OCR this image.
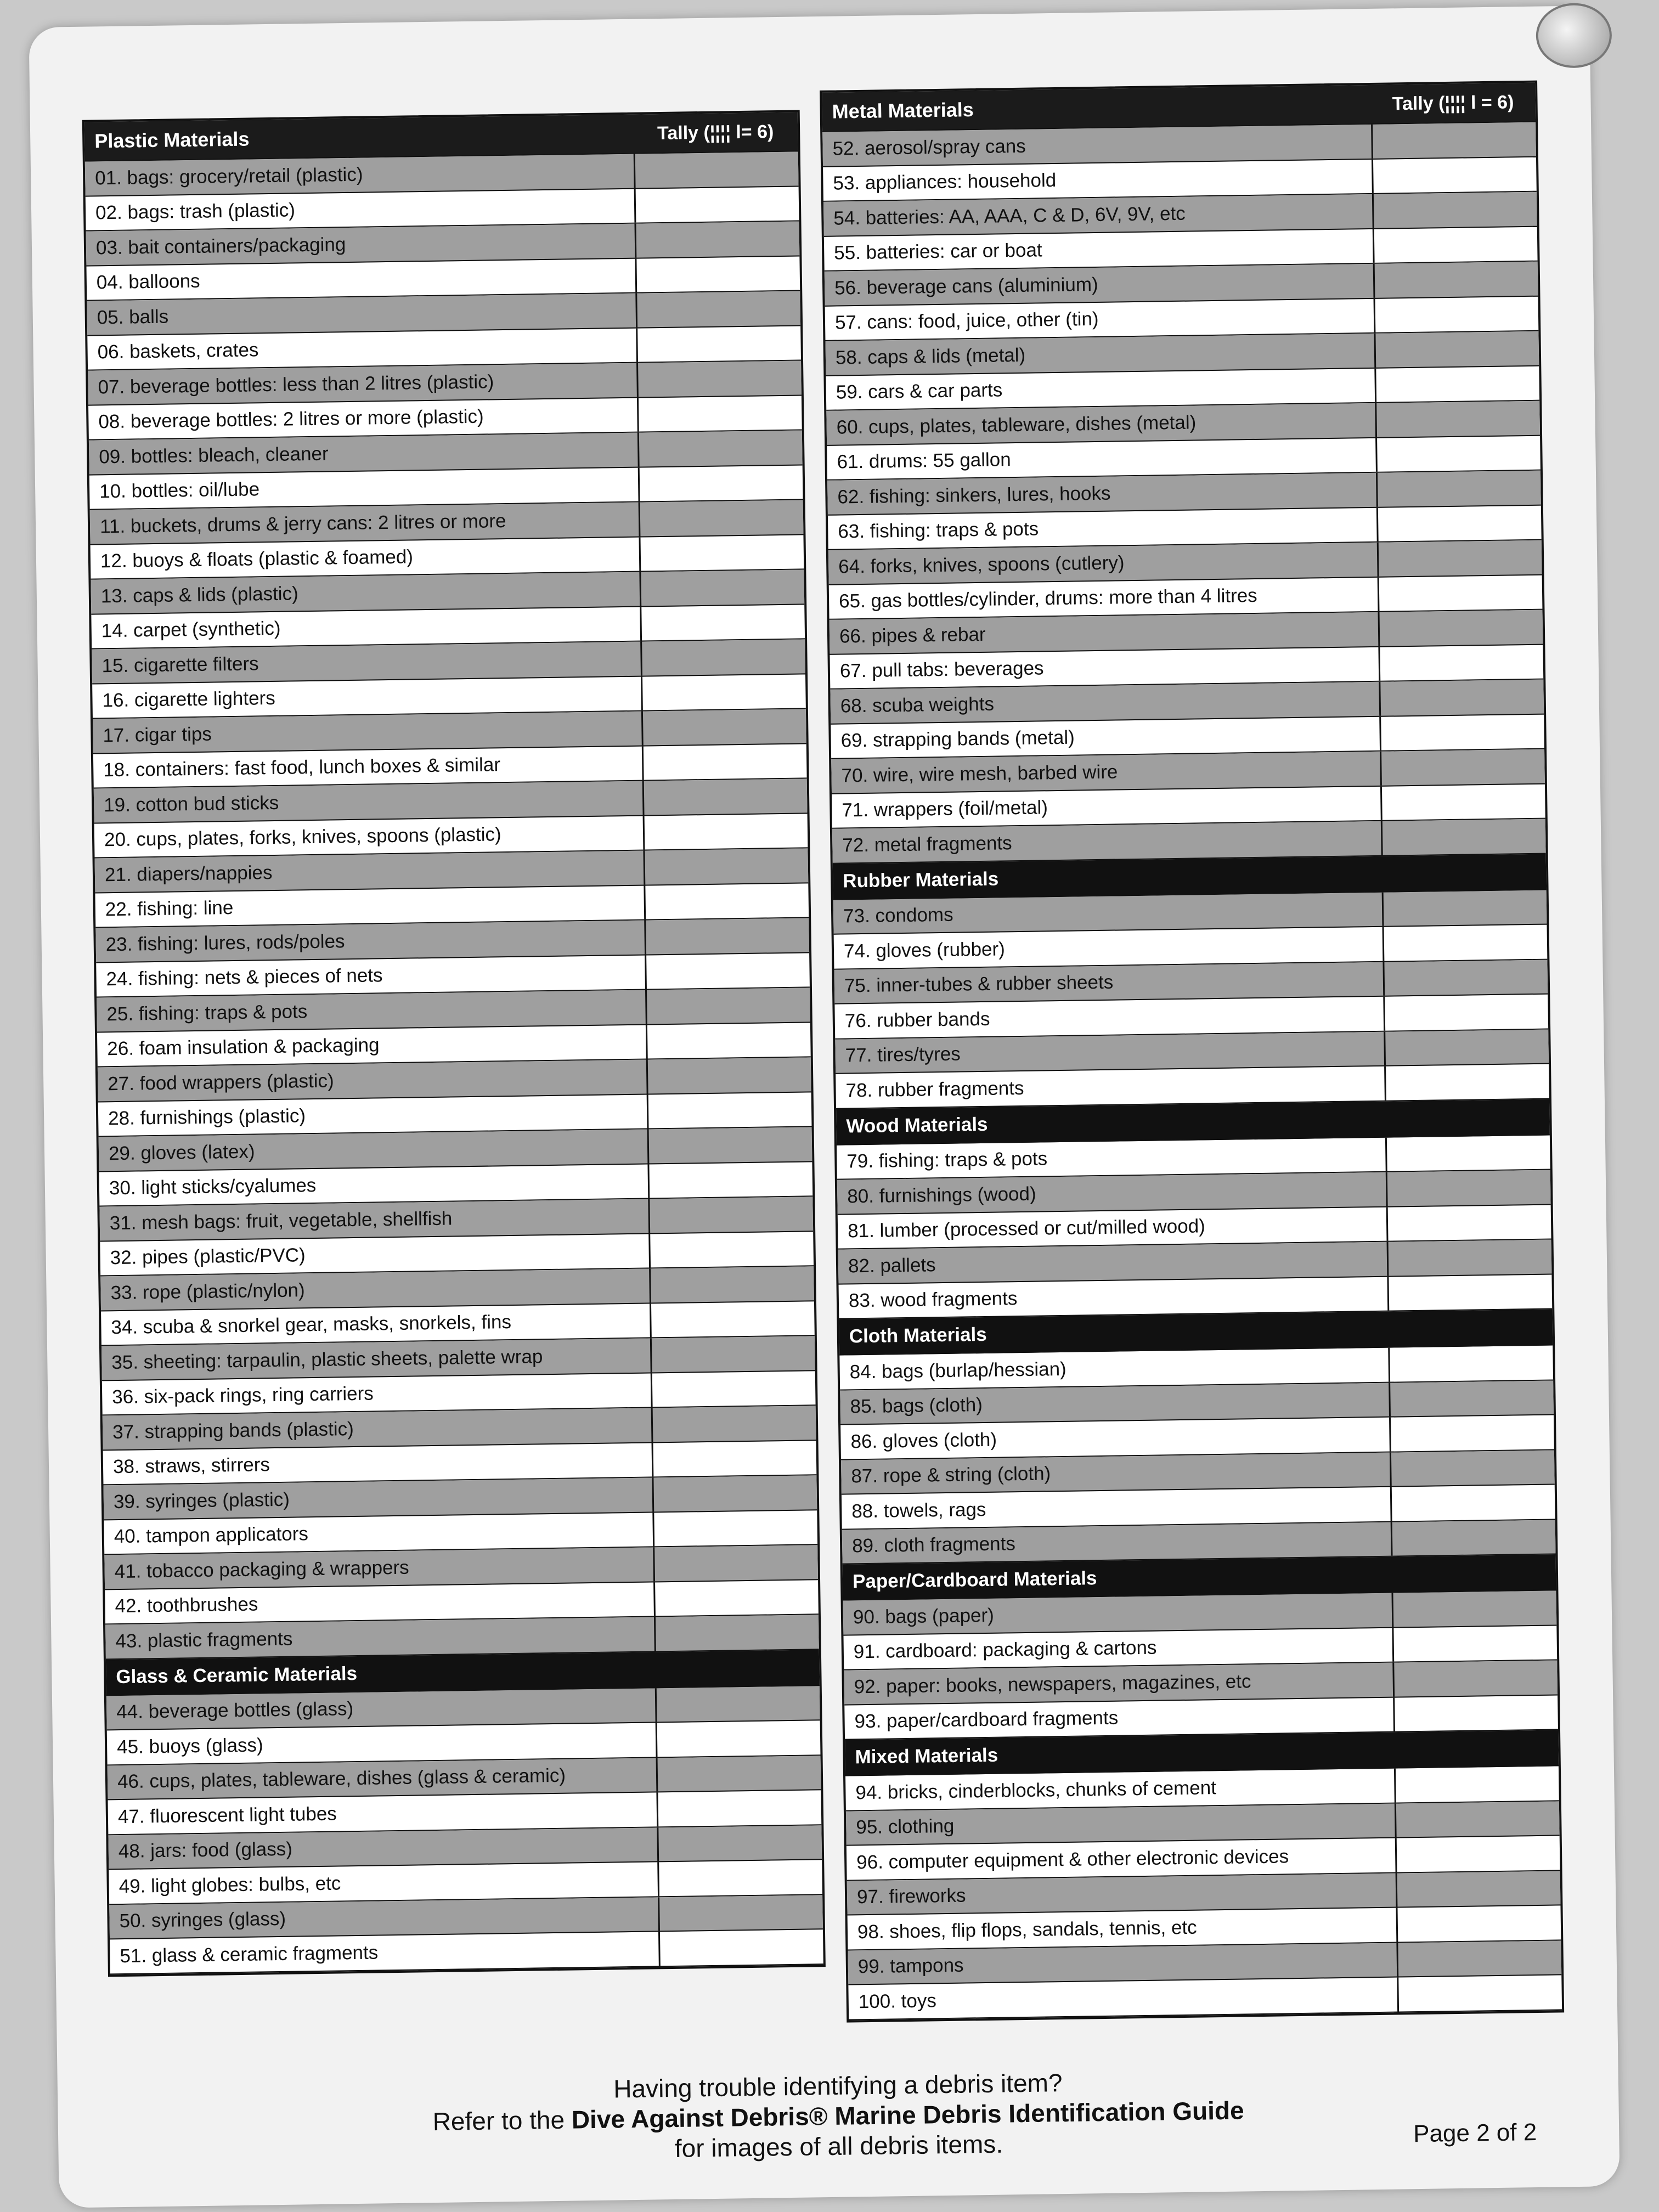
Plastic Materials	Tally (¦¦¦¦ l= 6)
01. bags: grocery/retail (plastic)
02. bags: trash (plastic)
03. bait containers/packaging
04. balloons
05. balls
06. baskets, crates
07. beverage bottles: less than 2 litres (plastic)
08. beverage bottles: 2 litres or more (plastic)
09. bottles: bleach, cleaner
10. bottles: oil/lube
11. buckets, drums & jerry cans: 2 litres or more
12. buoys & floats (plastic & foamed)
13. caps & lids (plastic)
14. carpet (synthetic)
15. cigarette filters
16. cigarette lighters
17. cigar tips
18. containers: fast food, lunch boxes & similar
19. cotton bud sticks
20. cups, plates, forks, knives, spoons (plastic)
21. diapers/nappies
22. fishing: line
23. fishing: lures, rods/poles
24. fishing: nets & pieces of nets
25. fishing: traps & pots
26. foam insulation & packaging
27. food wrappers (plastic)
28. furnishings (plastic)
29. gloves (latex)
30. light sticks/cyalumes
31. mesh bags: fruit, vegetable, shellfish
32. pipes (plastic/PVC)
33. rope (plastic/nylon)
34. scuba & snorkel gear, masks, snorkels, fins
35. sheeting: tarpaulin, plastic sheets, palette wrap
36. six-pack rings, ring carriers
37. strapping bands (plastic)
38. straws, stirrers
39. syringes (plastic)
40. tampon applicators
41. tobacco packaging & wrappers
42. toothbrushes
43. plastic fragments
Glass & Ceramic Materials
44. beverage bottles (glass)
45. buoys (glass)
46. cups, plates, tableware, dishes (glass & ceramic)
47. fluorescent light tubes
48. jars: food (glass)
49. light globes: bulbs, etc
50. syringes (glass)
51. glass & ceramic fragments
Metal Materials	Tally (¦¦¦¦ l = 6)
52. aerosol/spray cans
53. appliances: household
54. batteries: AA, AAA, C & D, 6V, 9V, etc
55. batteries: car or boat
56. beverage cans (aluminium)
57. cans: food, juice, other (tin)
58. caps & lids (metal)
59. cars & car parts
60. cups, plates, tableware, dishes (metal)
61. drums: 55 gallon
62. fishing: sinkers, lures, hooks
63. fishing: traps & pots
64. forks, knives, spoons (cutlery)
65. gas bottles/cylinder, drums: more than 4 litres
66. pipes & rebar
67. pull tabs: beverages
68. scuba weights
69. strapping bands (metal)
70. wire, wire mesh, barbed wire
71. wrappers (foil/metal)
72. metal fragments
Rubber Materials
73. condoms
74. gloves (rubber)
75. inner-tubes & rubber sheets
76. rubber bands
77. tires/tyres
78. rubber fragments
Wood Materials
79. fishing: traps & pots
80. furnishings (wood)
81. lumber (processed or cut/milled wood)
82. pallets
83. wood fragments
Cloth Materials
84. bags (burlap/hessian)
85. bags (cloth)
86. gloves (cloth)
87. rope & string (cloth)
88. towels, rags
89. cloth fragments
Paper/Cardboard Materials
90. bags (paper)
91. cardboard: packaging & cartons
92. paper: books, newspapers, magazines, etc
93. paper/cardboard fragments
Mixed Materials
94. bricks, cinderblocks, chunks of cement
95. clothing
96. computer equipment & other electronic devices
97. fireworks
98. shoes, flip flops, sandals, tennis, etc
99. tampons
100. toys
Having trouble identifying a debris item?
Refer to the Dive Against Debris® Marine Debris Identification Guide
for images of all debris items.	Page 2 of 2
